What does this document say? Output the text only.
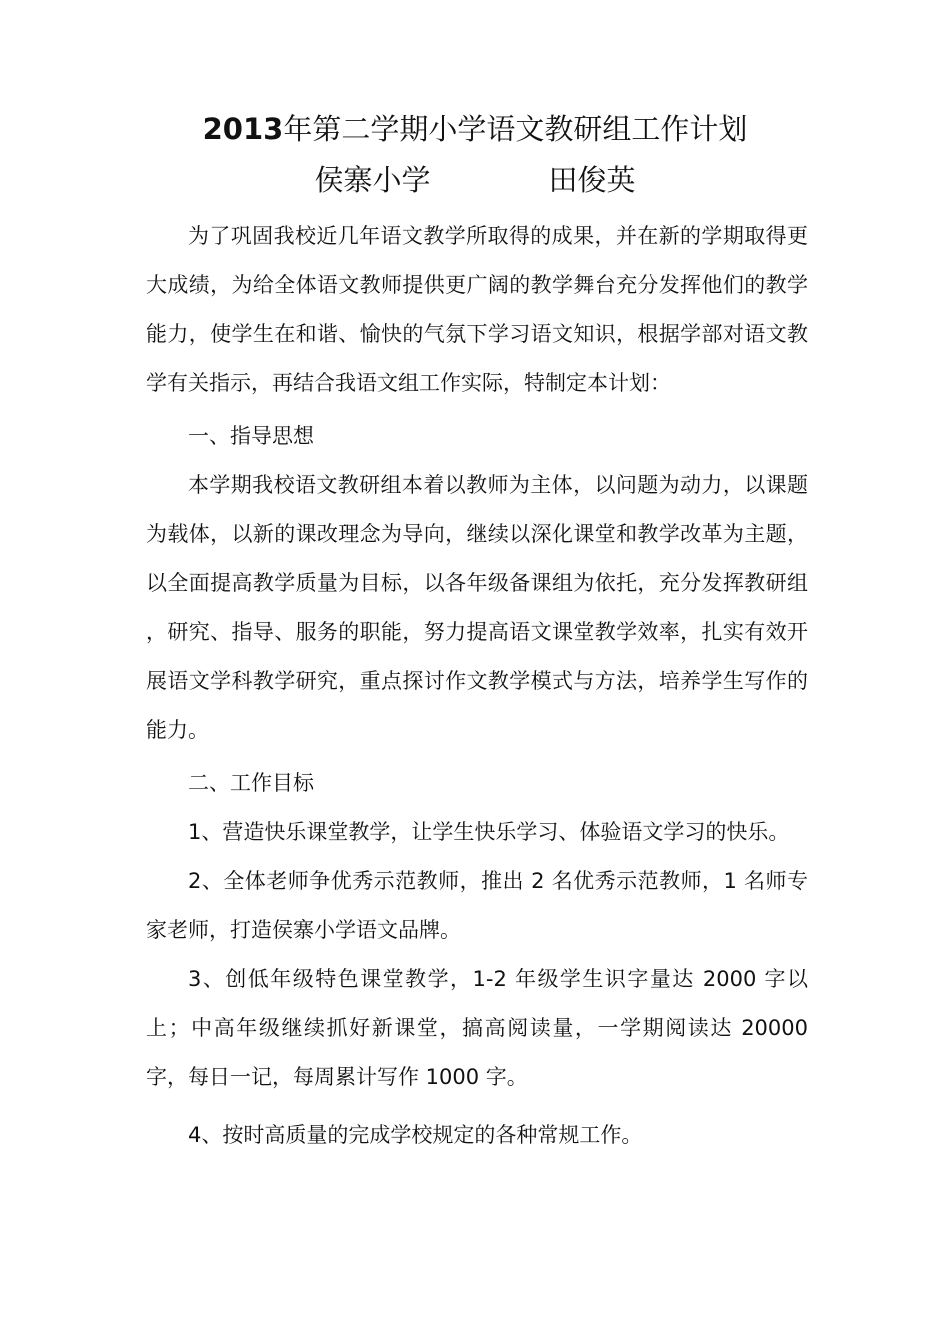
2013年第二学期小学语文教研组工作计划
侯寨小学	田俊英

为了巩固我校近几年语文教学所取得的成果，并在新的学期取得更大成绩，为给全体语文教师提供更广阔的教学舞台充分发挥他们的教学能力，使学生在和谐、愉快的气氛下学习语文知识，根据学部对语文教学有关指示，再结合我语文组工作实际，特制定本计划：

一、指导思想

本学期我校语文教研组本着以教师为主体，以问题为动力，以课题为载体，以新的课改理念为导向，继续以深化课堂和教学改革为主题，以全面提高教学质量为目标，以各年级备课组为依托，充分发挥教研组 ，研究、指导、服务的职能，努力提高语文课堂教学效率，扎实有效开展语文学科教学研究，重点探讨作文教学模式与方法，培养学生写作的能力。

二、工作目标

1、营造快乐课堂教学，让学生快乐学习、体验语文学习的快乐。

2、全体老师争优秀示范教师，推出 2 名优秀示范教师，1 名师专家老师，打造侯寨小学语文品牌。

3、创低年级特色课堂教学，1-2 年级学生识字量达 2000 字以上；中高年级继续抓好新课堂，搞高阅读量，一学期阅读达 20000 字，每日一记，每周累计写作 1000 字。

4、按时高质量的完成学校规定的各种常规工作。
